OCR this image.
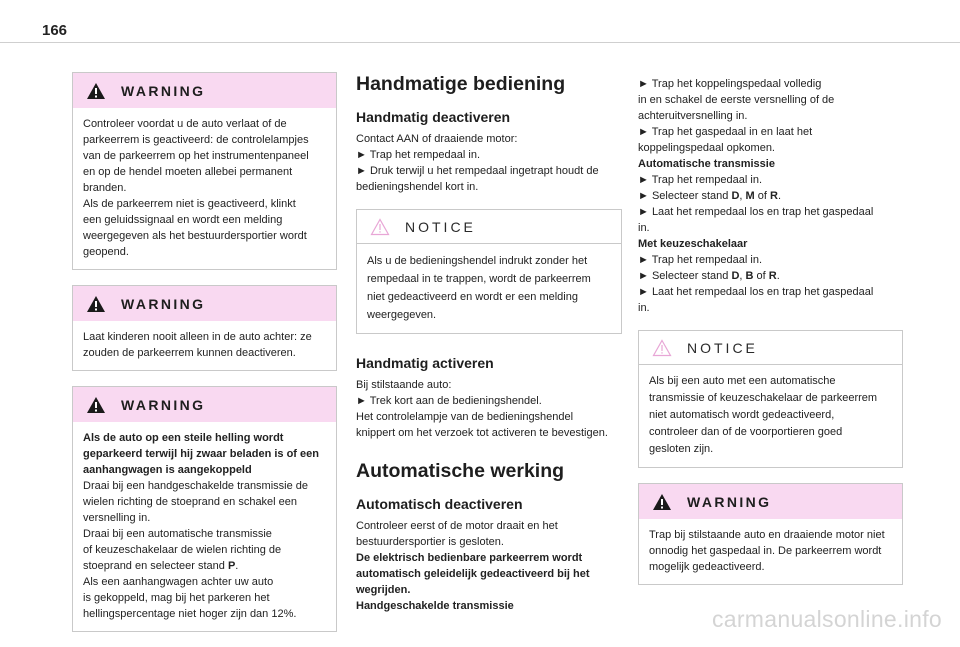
166
WARNING

Controleer voordat u de auto verlaat of de

parkeerrem is geactiveerd: de controlelampjes

van de parkeerrem op het instrumentenpaneel

en op de hendel moeten allebei permanent

branden.

Als de parkeerrem niet is geactiveerd, klinkt

een geluidssignaal en wordt een melding

weergegeven als het bestuurdersportier wordt

geopend.

WARNING

Laat kinderen nooit alleen in de auto achter: ze

zouden de parkeerrem kunnen deactiveren.

WARNING

Als de auto op een steile helling wordt

geparkeerd terwijl hij zwaar beladen is of een

aanhangwagen is aangekoppeld

Draai bij een handgeschakelde transmissie de

wielen richting de stoeprand en schakel een

versnelling in.

Draai bij een automatische transmissie

of keuzeschakelaar de wielen richting de

stoeprand en selecteer stand P.

Als een aanhangwagen achter uw auto

is gekoppeld, mag bij het parkeren het

hellingspercentage niet hoger zijn dan 12%.

Handmatige bediening
Handmatig deactiveren

Contact AAN of draaiende motor:

► Trap het rempedaal in.

► Druk terwijl u het rempedaal ingetrapt houdt de

bedieningshendel kort in.

NOTICE

Als u de bedieningshendel indrukt zonder het

rempedaal in te trappen, wordt de parkeerrem

niet gedeactiveerd en wordt er een melding

weergegeven.

Handmatig activeren

Bij stilstaande auto:

► Trek kort aan de bedieningshendel.

Het controlelampje van de bedieningshendel

knippert om het verzoek tot activeren te bevestigen.

Automatische werking
Automatisch deactiveren

Controleer eerst of de motor draait en het

bestuurdersportier is gesloten.

De elektrisch bedienbare parkeerrem wordt

automatisch geleidelijk gedeactiveerd bij het

wegrijden.

Handgeschakelde transmissie

► Trap het koppelingspedaal volledig

in en schakel de eerste versnelling of de

achteruitversnelling in.

► Trap het gaspedaal in en laat het

koppelingspedaal opkomen.

Automatische transmissie

► Trap het rempedaal in.

► Selecteer stand D, M of R.

► Laat het rempedaal los en trap het gaspedaal

in.

Met keuzeschakelaar

► Trap het rempedaal in.

► Selecteer stand D, B of R.

► Laat het rempedaal los en trap het gaspedaal

in.

NOTICE

Als bij een auto met een automatische

transmissie of keuzeschakelaar de parkeerrem

niet automatisch wordt gedeactiveerd,

controleer dan of de voorportieren goed

gesloten zijn.

WARNING

Trap bij stilstaande auto en draaiende motor niet

onnodig het gaspedaal in. De parkeerrem wordt

mogelijk gedeactiveerd.

carmanualsonline.info
